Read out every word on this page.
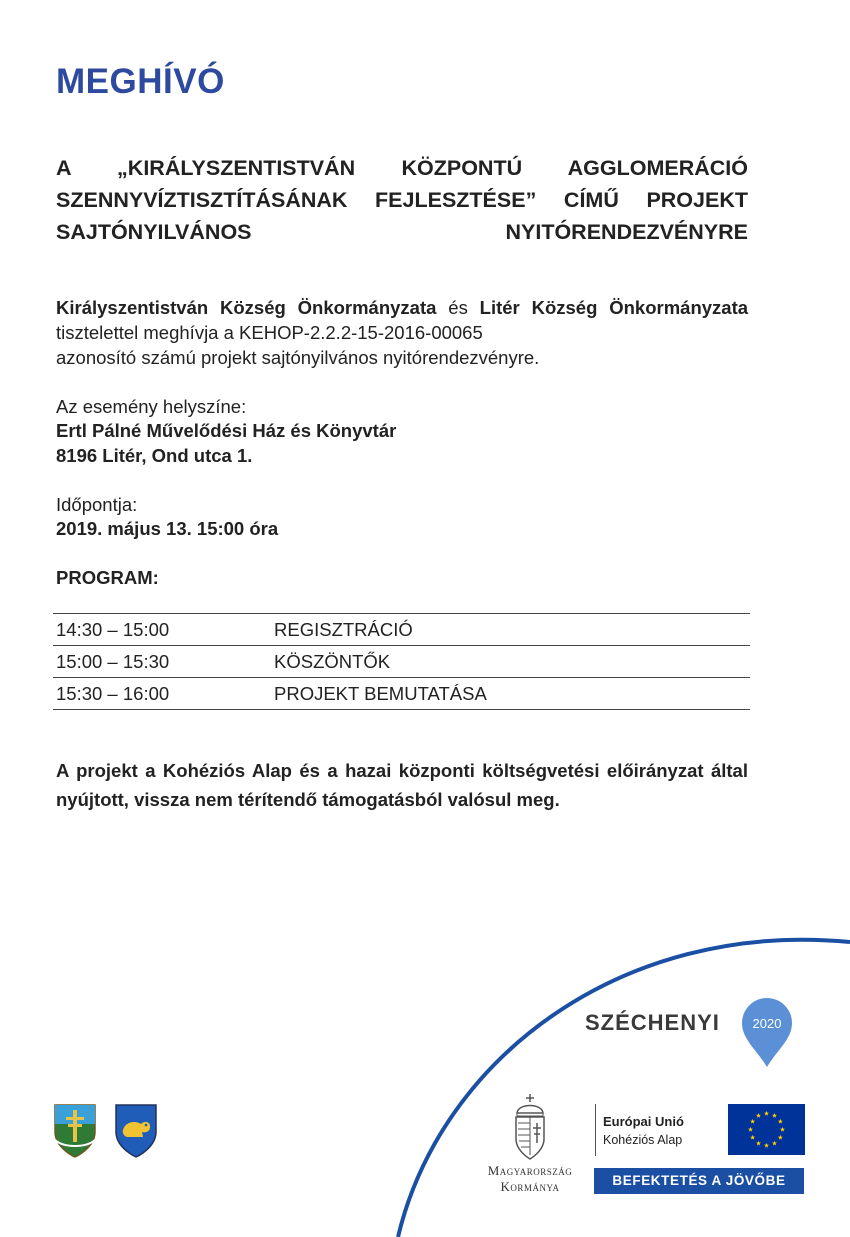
MEGHÍVÓ

A „KIRÁLYSZENTISTVÁN KÖZPONTÚ AGGLOMERÁCIÓ SZENNYVÍZTISZTÍTÁSÁNAK FEJLESZTÉSE” CÍMŰ PROJEKT SAJTÓNYILVÁNOS NYITÓRENDEZVÉNYRE

Királyszentistván Község Önkormányzata és Litér Község Önkormányzata tisztelettel meghívja a KEHOP-2.2.2-15-2016-00065
azonosító számú projekt sajtónyilvános nyitórendezvényre.

Az esemény helyszíne:
Ertl Pálné Művelődési Ház és Könyvtár
8196 Litér, Ond utca 1.
Időpontja:
2019. május 13. 15:00 óra
PROGRAM:
14:30 – 15:00	REGISZTRÁCIÓ
15:00 – 15:30	KÖSZÖNTŐK
15:30 – 16:00	PROJEKT BEMUTATÁSA

A projekt a Kohéziós Alap és a hazai központi költségvetési előirányzat által nyújtott, vissza nem térítendő támogatásból valósul meg.

SZÉCHENYI	2020
Magyarország
Kormánya
Európai Unió
Kohéziós Alap
BEFEKTETÉS A JÖVŐBE
